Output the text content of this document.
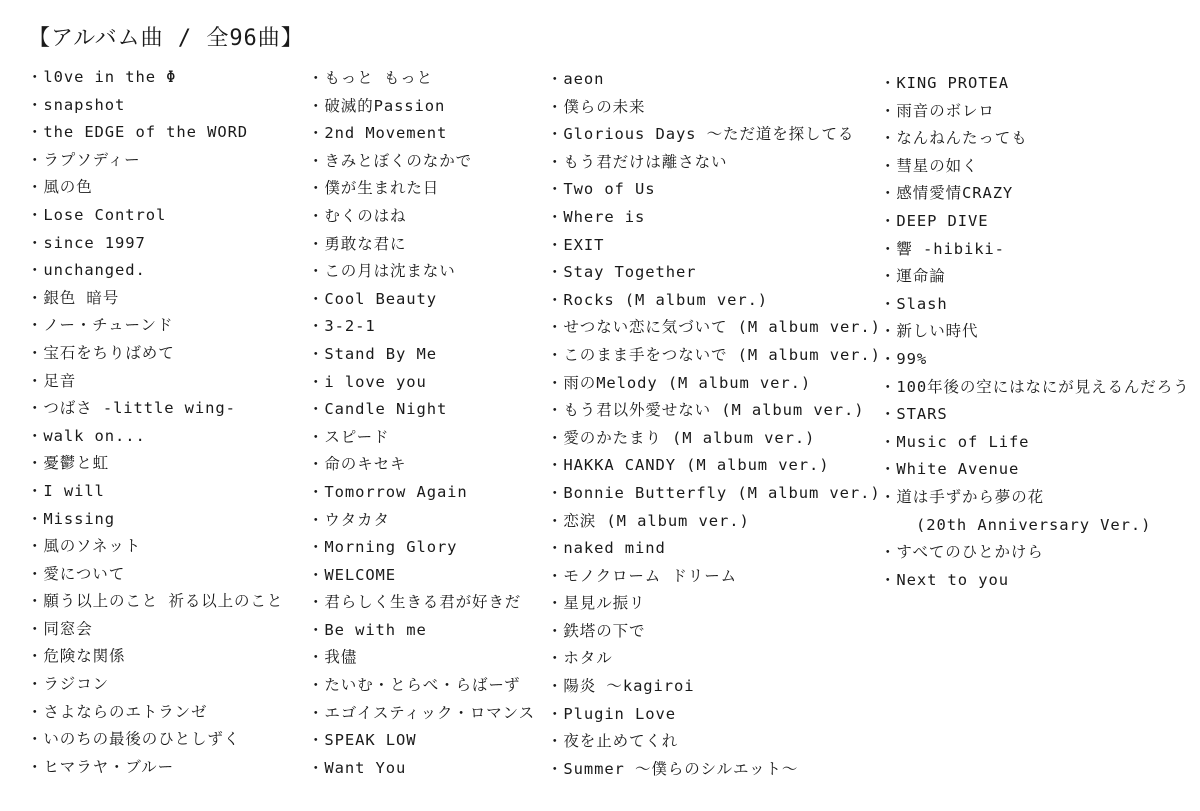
【アルバム曲 / 全96曲】
・l0ve in the Φ
・snapshot
・the EDGE of the WORD
・ラプソディー
・風の色
・Lose Control
・since 1997
・unchanged.
・銀色 暗号
・ノー・チューンド
・宝石をちりばめて
・足音
・つばさ -little wing-
・walk on...
・憂鬱と虹
・I will
・Missing
・風のソネット
・愛について
・願う以上のこと 祈る以上のこと
・同窓会
・危険な関係
・ラジコン
・さよならのエトランゼ
・いのちの最後のひとしずく
・ヒマラヤ・ブルー
・もっと もっと
・破滅的Passion
・2nd Movement
・きみとぼくのなかで
・僕が生まれた日
・むくのはね
・勇敢な君に
・この月は沈まない
・Cool Beauty
・3-2-1
・Stand By Me
・i love you
・Candle Night
・スピード
・命のキセキ
・Tomorrow Again
・ウタカタ
・Morning Glory
・WELCOME
・君らしく生きる君が好きだ
・Be with me
・我儘
・たいむ・とらべ・らばーず
・エゴイスティック・ロマンス
・SPEAK LOW
・Want You
・aeon
・僕らの未来
・Glorious Days ～ただ道を探してる
・もう君だけは離さない
・Two of Us
・Where is
・EXIT
・Stay Together
・Rocks (M album ver.)
・せつない恋に気づいて (M album ver.)
・このまま手をつないで (M album ver.)
・雨のMelody (M album ver.)
・もう君以外愛せない (M album ver.)
・愛のかたまり (M album ver.)
・HAKKA CANDY (M album ver.)
・Bonnie Butterfly (M album ver.)
・恋涙 (M album ver.)
・naked mind
・モノクローム ドリーム
・星見ル振リ
・鉄塔の下で
・ホタル
・陽炎 ～kagiroi
・Plugin Love
・夜を止めてくれ
・Summer ～僕らのシルエット～
・KING PROTEA
・雨音のボレロ
・なんねんたっても
・彗星の如く
・感情愛情CRAZY
・DEEP DIVE
・響 -hibiki-
・運命論
・Slash
・新しい時代
・99%
・100年後の空にはなにが見えるんだろう
・STARS
・Music of Life
・White Avenue
・道は手ずから夢の花
(20th Anniversary Ver.)
・すべてのひとかけら
・Next to you
